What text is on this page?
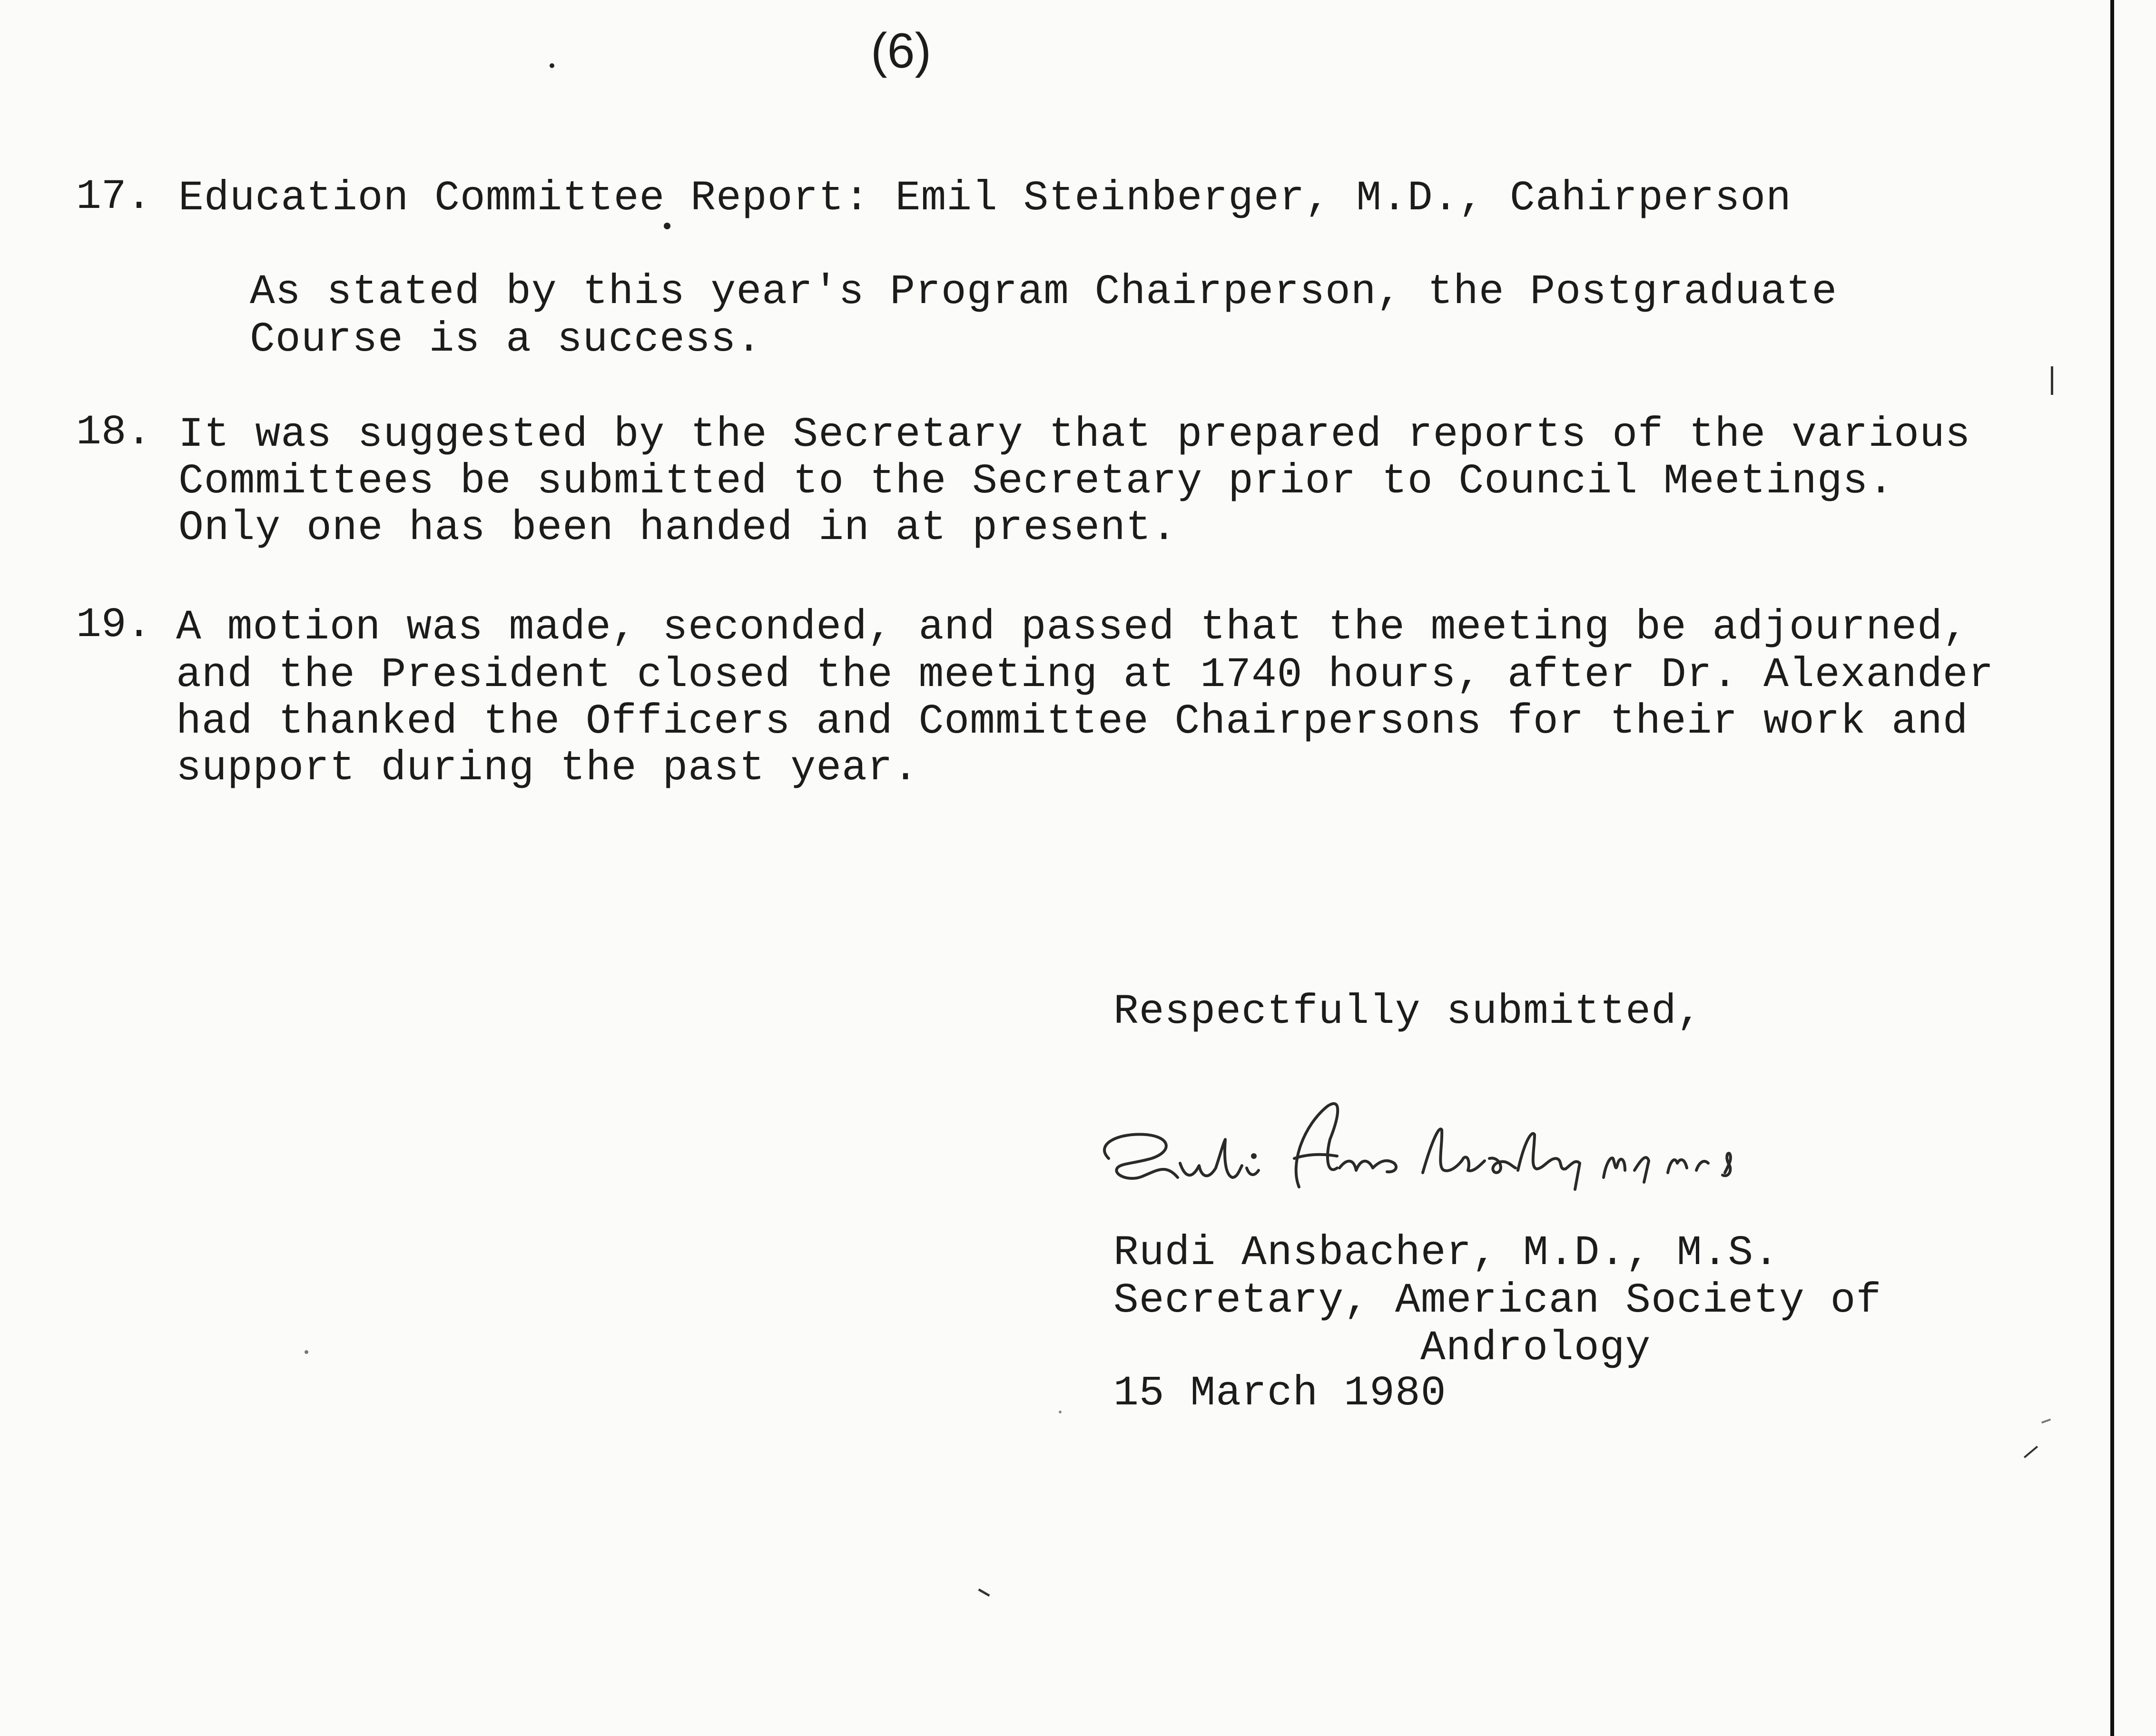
(6)
17. Education Committee Report: Emil Steinberger, M.D., Cahirperson
As stated by this year's Program Chairperson, the Postgraduate
Course is a success.
18. It was suggested by the Secretary that prepared reports of the various
Committees be submitted to the Secretary prior to Council Meetings.
Only one has been handed in at present.
19. A motion was made, seconded, and passed that the meeting be adjourned,
and the President closed the meeting at 1740 hours, after Dr. Alexander
had thanked the Officers and Committee Chairpersons for their work and
support during the past year.
Respectfully submitted,
Rudi Ansbacher, M.D., M.S.
Secretary, American Society of
Andrology
15 March 1980
